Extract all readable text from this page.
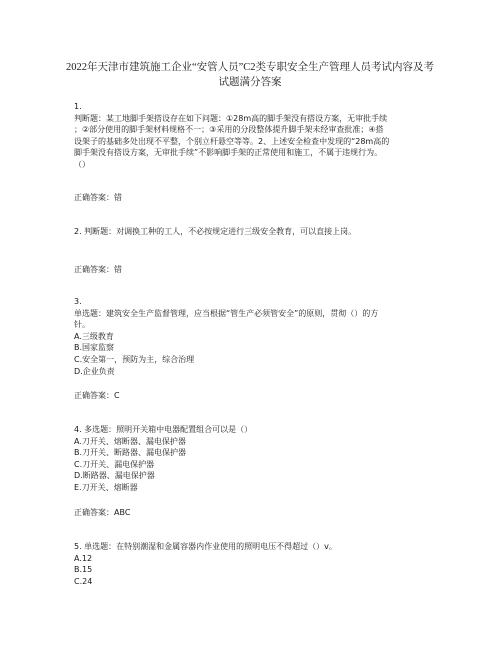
2022年天津市建筑施工企业“安管人员”C2类专职安全生产管理人员考试内容及考
试题满分答案
1.
判断题：某工地脚手架搭设存在如下问题：①28m高的脚手架没有搭设方案，无审批手续
；②部分使用的脚手架材料规格不一；③采用的分段整体提升脚手架未经审查批准；④搭
设架子的基础多处出现不平整，个别立杆悬空等等。2、上述安全检查中发现的“28m高的
脚手架没有搭设方案，无审批手续”不影响脚手架的正常使用和施工，不属于违规行为。
（）
正确答案：错
2. 判断题：对调换工种的工人，不必按规定进行三级安全教育，可以直接上岗。
正确答案：错
3.
单选题：建筑安全生产监督管理，应当根据“管生产必须管安全”的原则，贯彻（）的方
针。
A.三级教育
B.国家监察
C.安全第一，预防为主，综合治理
D.企业负责
正确答案：C
4. 多选题：照明开关箱中电器配置组合可以是（）
A.刀开关、熔断器、漏电保护器
B.刀开关、断路器、漏电保护器
C.刀开关、漏电保护器
D.断路器、漏电保护器
E.刀开关、熔断器
正确答案：ABC
5. 单选题：在特别潮湿和金属容器内作业使用的照明电压不得超过（）v。
A.12
B.15
C.24
